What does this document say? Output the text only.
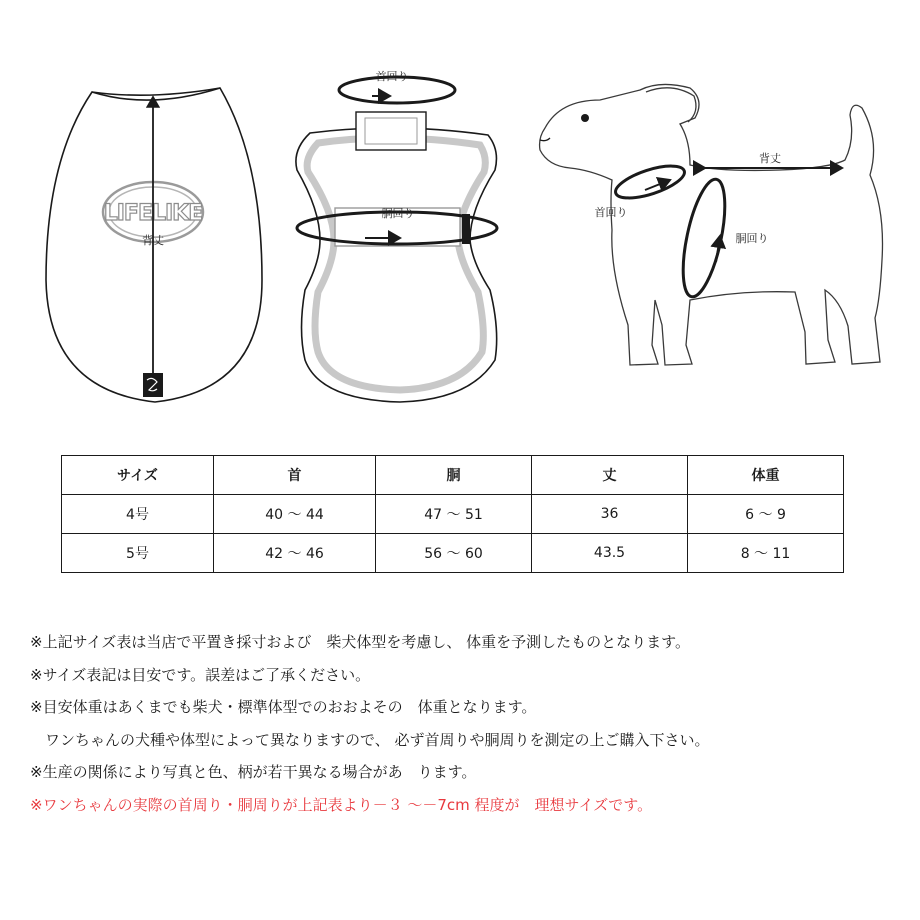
LIFELIKE
背丈
首回り
胴回り	首回り
背丈
胴回り
サイズ	首	胴	丈	体重
4号	40 ～ 44	47 ～ 51	36	6 ～ 9
5号	42 ～ 46	56 ～ 60	43.5	8 ～ 11
※上記サイズ表は当店で平置き採寸および　柴犬体型を考慮し、 体重を予測したものとなります。
※サイズ表記は目安です。誤差はご了承ください。
※目安体重はあくまでも柴犬・標準体型でのおおよその　体重となります。
　ワンちゃんの犬種や体型によって異なりますので、 必ず首周りや胴周りを測定の上ご購入下さい。
※生産の関係により写真と色、柄が若干異なる場合があ　ります。
※ワンちゃんの実際の首周り・胴周りが上記表より－３ ～－7cm 程度が　理想サイズです。
